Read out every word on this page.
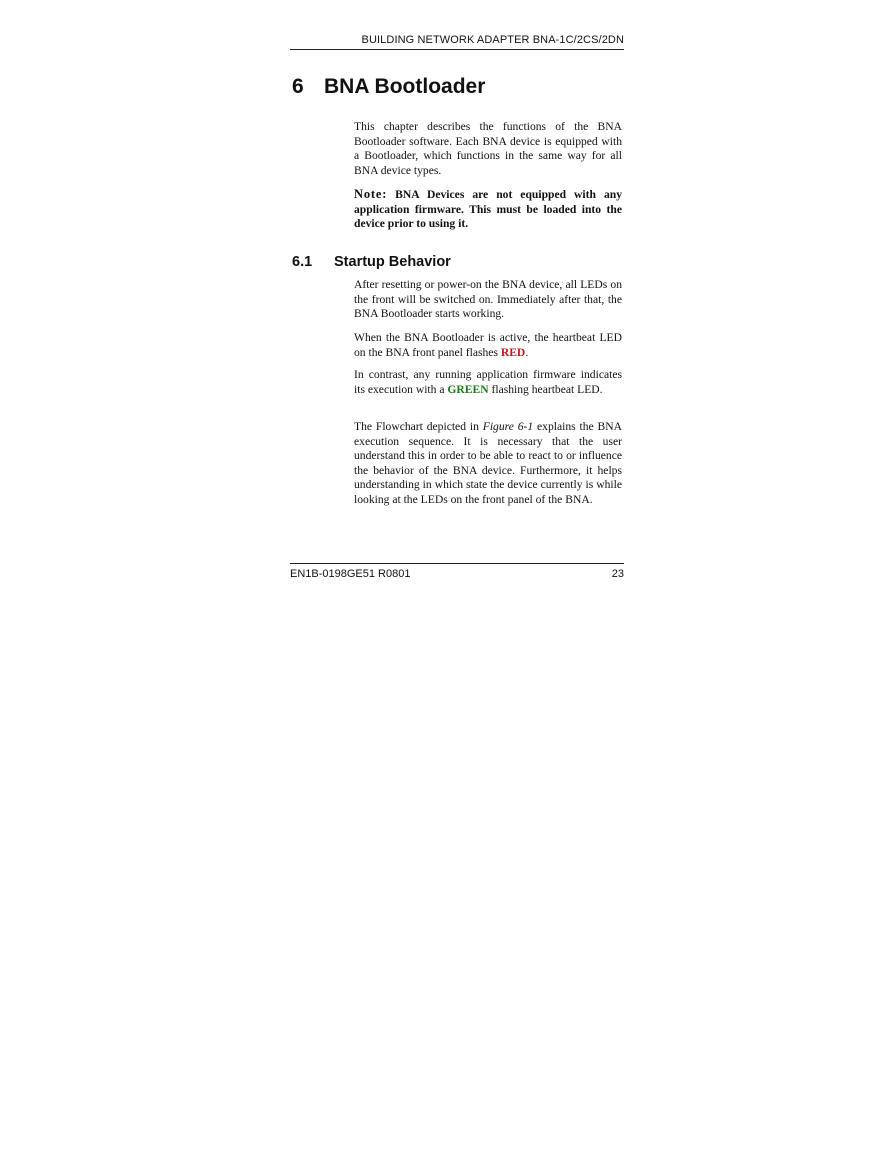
BUILDING NETWORK ADAPTER BNA-1C/2CS/2DN
6 BNA Bootloader

This chapter describes the functions of the BNA Bootloader software. Each BNA device is equipped with a Bootloader, which functions in the same way for all BNA device types.

Note: BNA Devices are not equipped with any application firmware. This must be loaded into the device prior to using it.

6.1 Startup Behavior

After resetting or power-on the BNA device, all LEDs on the front will be switched on. Immediately after that, the BNA Bootloader starts working.

When the BNA Bootloader is active, the heartbeat LED on the BNA front panel flashes RED.

In contrast, any running application firmware indicates its execution with a GREEN flashing heartbeat LED.

The Flowchart depicted in Figure 6-1 explains the BNA execution sequence. It is necessary that the user understand this in order to be able to react to or influence the behavior of the BNA device. Furthermore, it helps understanding in which state the device currently is while looking at the LEDs on the front panel of the BNA.

EN1B-0198GE51 R0801	23
